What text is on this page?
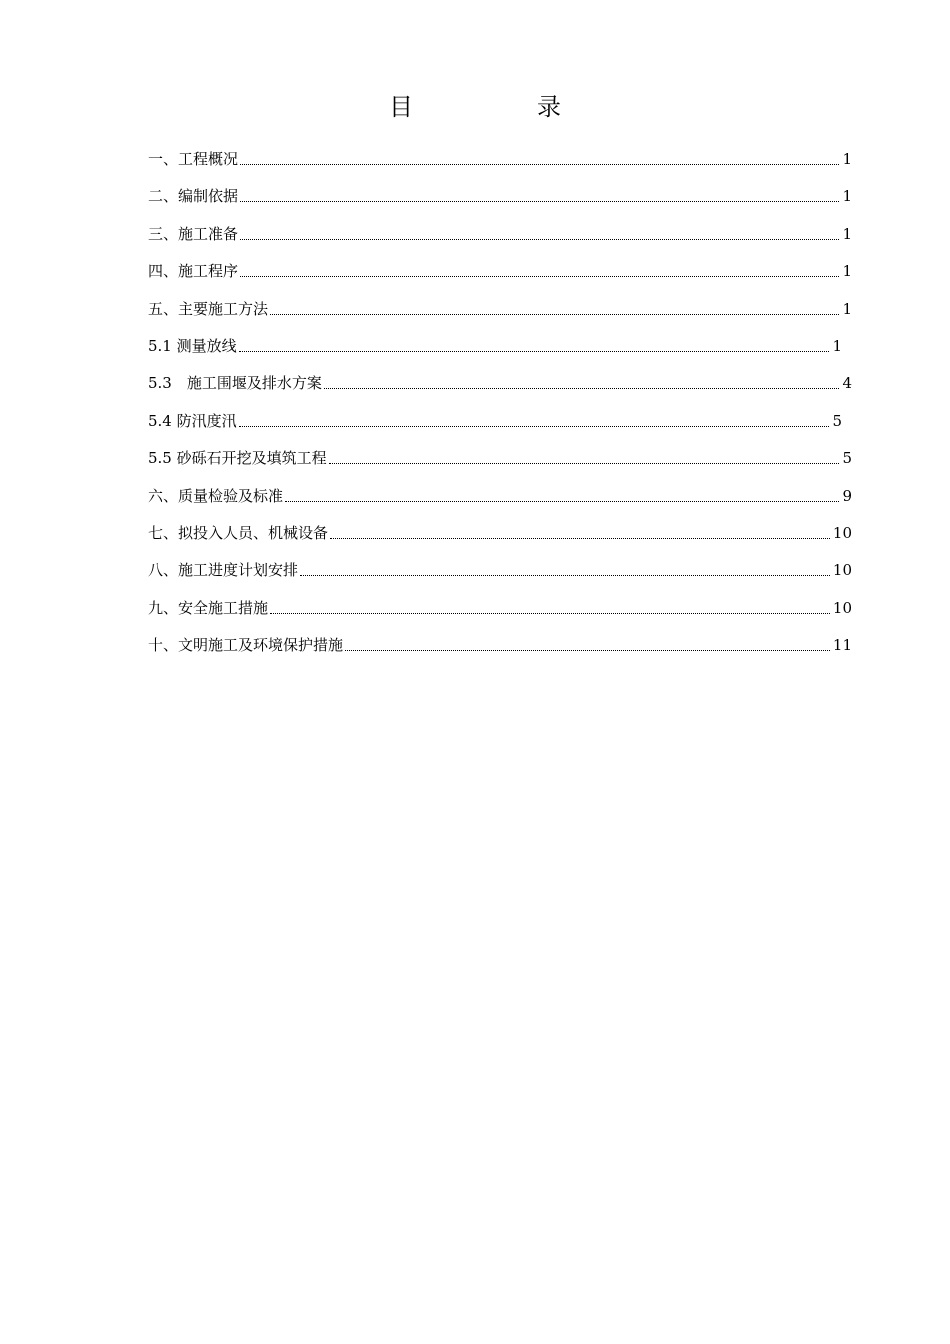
目　录
一、工程概况	1
二、编制依据	1
三、施工准备	1
四、施工程序	1
五、主要施工方法	1
5.1 测量放线	1
5.3　施工围堰及排水方案	4
5.4 防汛度汛	5
5.5 砂砾石开挖及填筑工程	5
六、质量检验及标准	9
七、拟投入人员、机械设备	10
八、施工进度计划安排	10
九、安全施工措施	10
十、文明施工及环境保护措施	11
